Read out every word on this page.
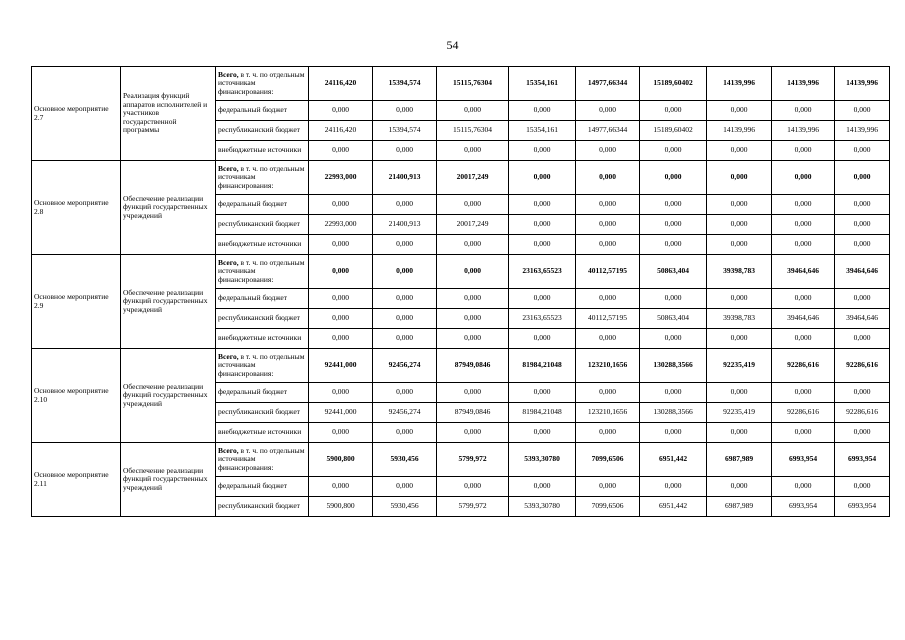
54
Основное мероприятие 2.7	Реализация функций аппаратов исполнителей и участников государственной программы	Всего, в т. ч. по отдельным источникам финансирования:	24116,420	15394,574	15115,76304	15354,161	14977,66344	15189,60402	14139,996	14139,996	14139,996
		федеральный бюджет	0,000	0,000	0,000	0,000	0,000	0,000	0,000	0,000	0,000
		республиканский бюджет	24116,420	15394,574	15115,76304	15354,161	14977,66344	15189,60402	14139,996	14139,996	14139,996
		внебюджетные источники	0,000	0,000	0,000	0,000	0,000	0,000	0,000	0,000	0,000
Основное мероприятие 2.8	Обеспечение реализации функций государственных учреждений	Всего, в т. ч. по отдельным источникам финансирования:	22993,000	21400,913	20017,249	0,000	0,000	0,000	0,000	0,000	0,000
		федеральный бюджет	0,000	0,000	0,000	0,000	0,000	0,000	0,000	0,000	0,000
		республиканский бюджет	22993,000	21400,913	20017,249	0,000	0,000	0,000	0,000	0,000	0,000
		внебюджетные источники	0,000	0,000	0,000	0,000	0,000	0,000	0,000	0,000	0,000
Основное мероприятие 2.9	Обеспечение реализации функций государственных учреждений	Всего, в т. ч. по отдельным источникам финансирования:	0,000	0,000	0,000	23163,65523	40112,57195	50863,404	39398,783	39464,646	39464,646
		федеральный бюджет	0,000	0,000	0,000	0,000	0,000	0,000	0,000	0,000	0,000
		республиканский бюджет	0,000	0,000	0,000	23163,65523	40112,57195	50863,404	39398,783	39464,646	39464,646
		внебюджетные источники	0,000	0,000	0,000	0,000	0,000	0,000	0,000	0,000	0,000
Основное мероприятие 2.10	Обеспечение реализации функций государственных учреждений	Всего, в т. ч. по отдельным источникам финансирования:	92441,000	92456,274	87949,0846	81984,21048	123210,1656	130288,3566	92235,419	92286,616	92286,616
		федеральный бюджет	0,000	0,000	0,000	0,000	0,000	0,000	0,000	0,000	0,000
		республиканский бюджет	92441,000	92456,274	87949,0846	81984,21048	123210,1656	130288,3566	92235,419	92286,616	92286,616
		внебюджетные источники	0,000	0,000	0,000	0,000	0,000	0,000	0,000	0,000	0,000
Основное мероприятие 2.11	Обеспечение реализации функций государственных учреждений	Всего, в т. ч. по отдельным источникам финансирования:	5900,800	5930,456	5799,972	5393,30780	7099,6506	6951,442	6987,989	6993,954	6993,954
		федеральный бюджет	0,000	0,000	0,000	0,000	0,000	0,000	0,000	0,000	0,000
		республиканский бюджет	5900,800	5930,456	5799,972	5393,30780	7099,6506	6951,442	6987,989	6993,954	6993,954
